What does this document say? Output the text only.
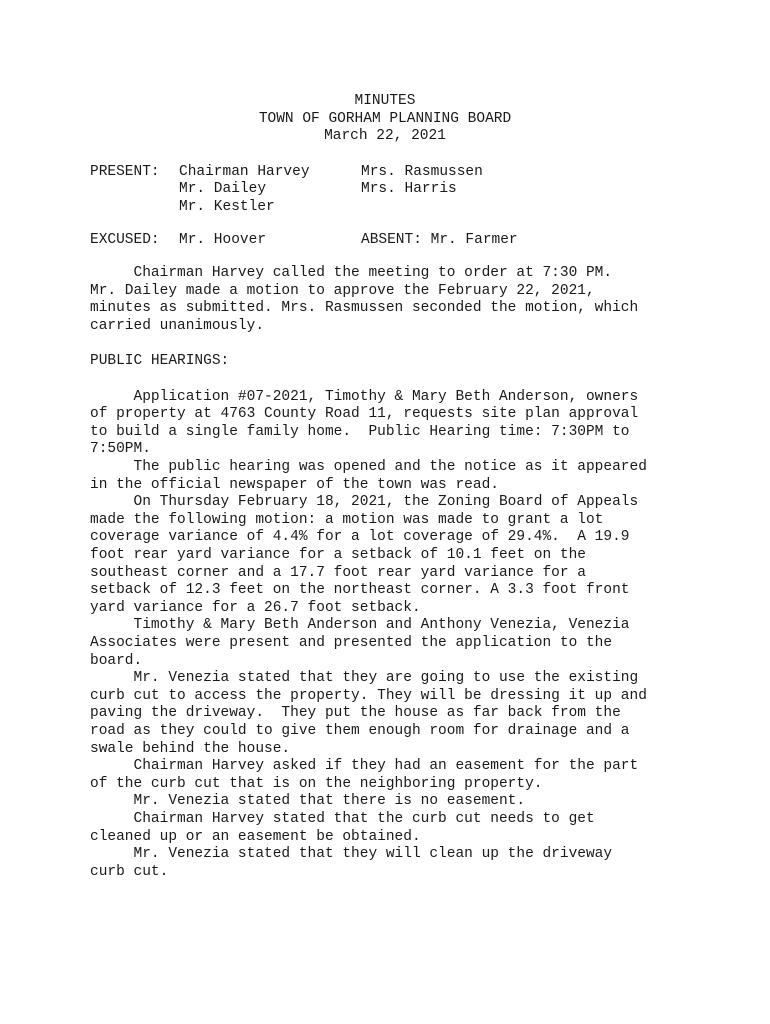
MINUTES
TOWN OF GORHAM PLANNING BOARD
March 22, 2021
PRESENT: Chairman Harvey
Mr. Dailey
Mr. Kestler
Mrs. Rasmussen
Mrs. Harris
EXCUSED: Mr. Hoover	ABSENT: Mr. Farmer
Chairman Harvey called the meeting to order at 7:30 PM.
Mr. Dailey made a motion to approve the February 22, 2021,
minutes as submitted. Mrs. Rasmussen seconded the motion, which
carried unanimously.
PUBLIC HEARINGS:
Application #07-2021, Timothy & Mary Beth Anderson, owners
of property at 4763 County Road 11, requests site plan approval
to build a single family home.  Public Hearing time: 7:30PM to
7:50PM.
The public hearing was opened and the notice as it appeared
in the official newspaper of the town was read.
On Thursday February 18, 2021, the Zoning Board of Appeals
made the following motion: a motion was made to grant a lot
coverage variance of 4.4% for a lot coverage of 29.4%.  A 19.9
foot rear yard variance for a setback of 10.1 feet on the
southeast corner and a 17.7 foot rear yard variance for a
setback of 12.3 feet on the northeast corner. A 3.3 foot front
yard variance for a 26.7 foot setback.
Timothy & Mary Beth Anderson and Anthony Venezia, Venezia
Associates were present and presented the application to the
board.
Mr. Venezia stated that they are going to use the existing
curb cut to access the property. They will be dressing it up and
paving the driveway.  They put the house as far back from the
road as they could to give them enough room for drainage and a
swale behind the house.
Chairman Harvey asked if they had an easement for the part
of the curb cut that is on the neighboring property.
Mr. Venezia stated that there is no easement.
Chairman Harvey stated that the curb cut needs to get
cleaned up or an easement be obtained.
Mr. Venezia stated that they will clean up the driveway
curb cut.
